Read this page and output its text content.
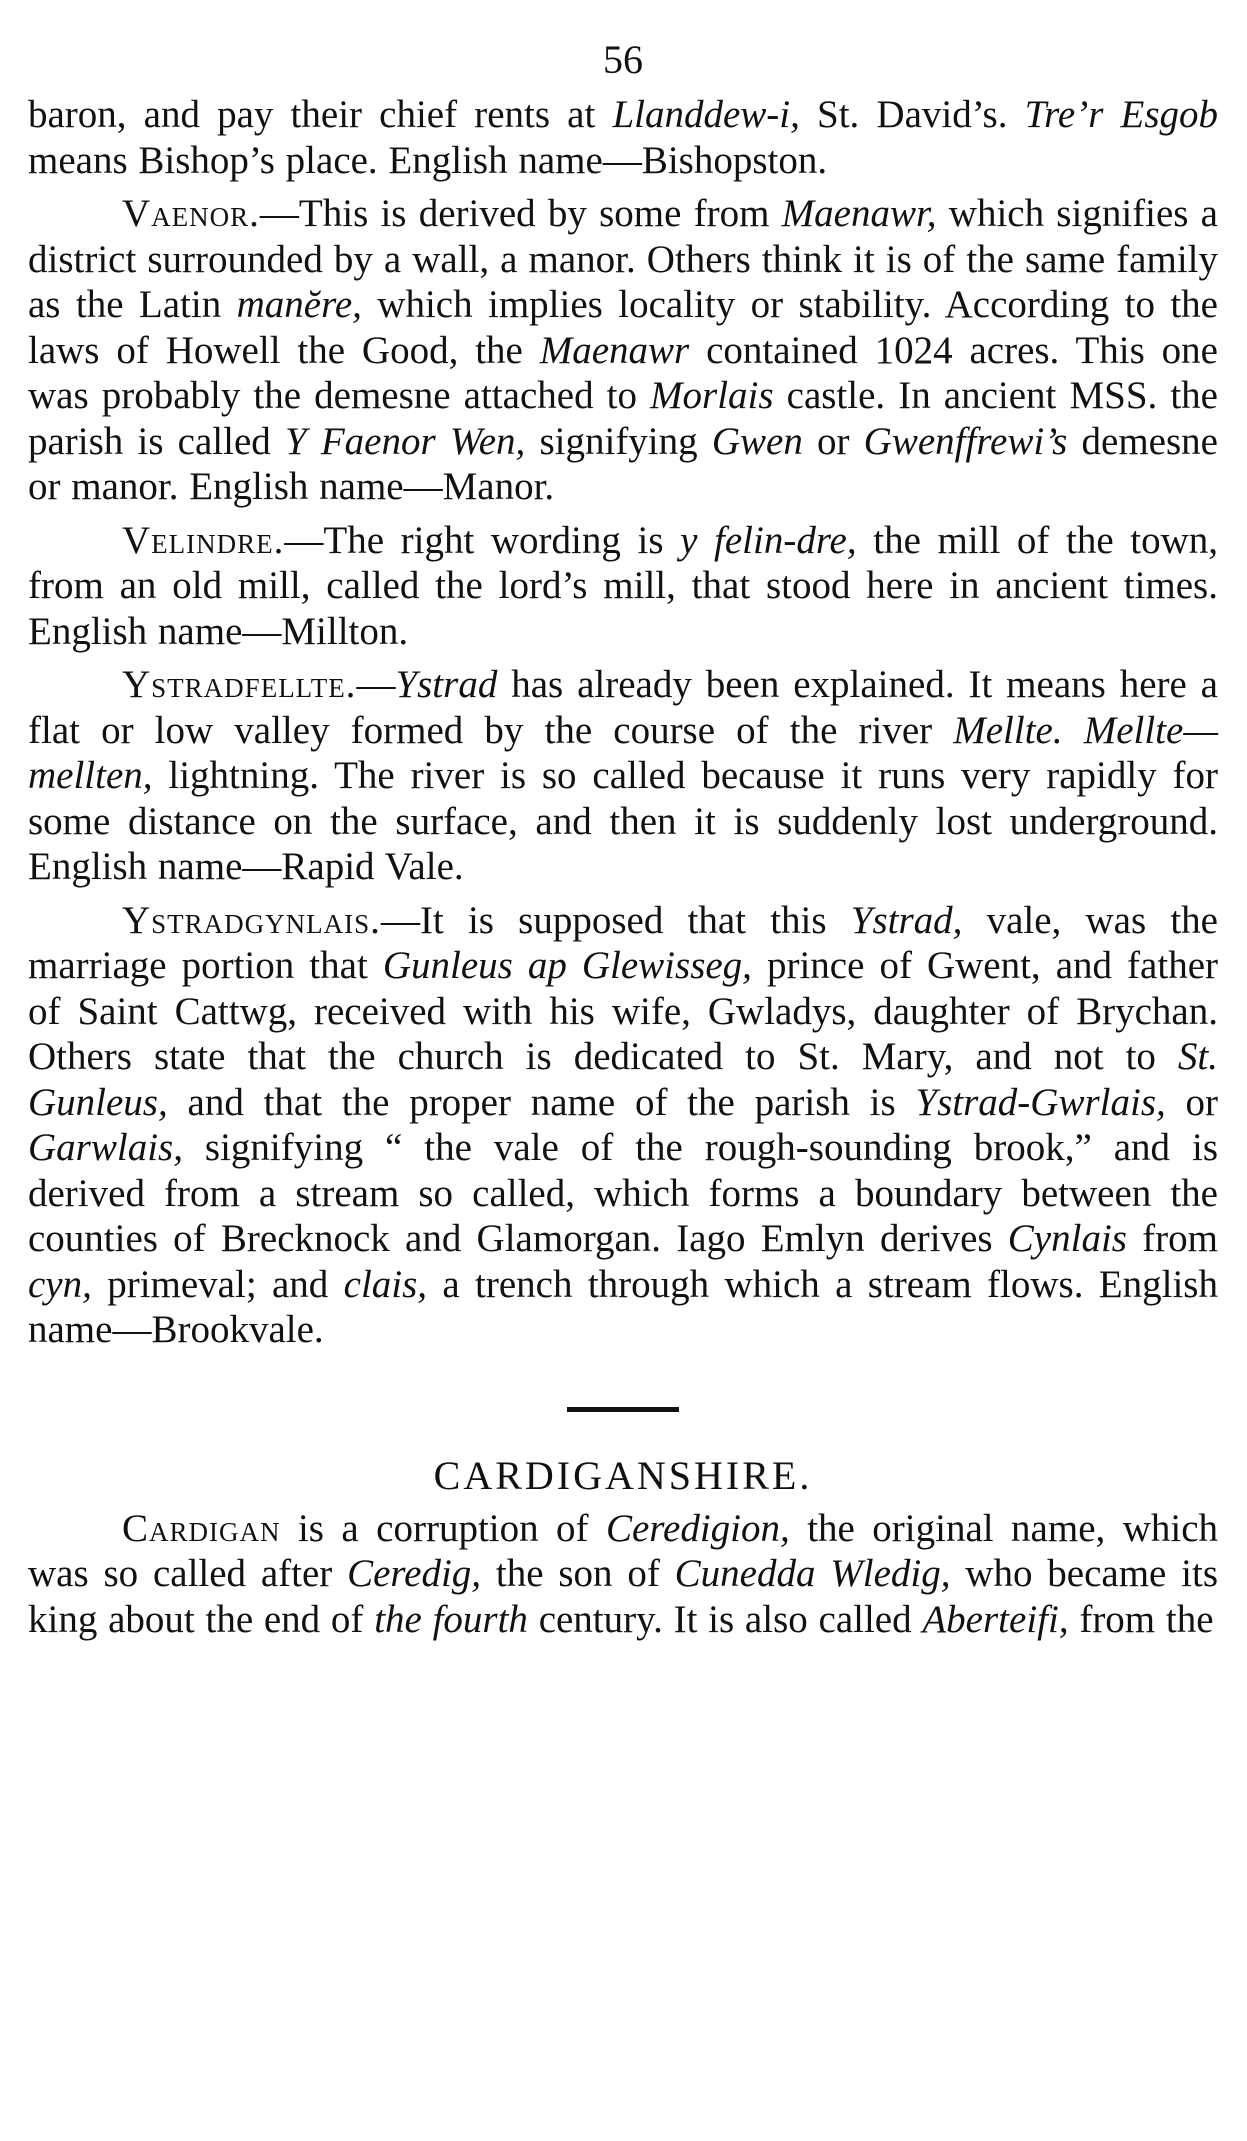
56

baron, and pay their chief rents at Llanddew-i, St. David’s. Tre’r Esgob means Bishop’s place. English name—Bishopston.

Vaenor.—This is derived by some from Maenawr, which signifies a district surrounded by a wall, a manor. Others think it is of the same family as the Latin manĕre, which implies locality or stability. According to the laws of Howell the Good, the Maenawr contained 1024 acres. This one was probably the demesne attached to Morlais castle. In ancient MSS. the parish is called Y Faenor Wen, signifying Gwen or Gwenffrewi’s demesne or manor. English name—Manor.

Velindre.—The right wording is y felin-dre, the mill of the town, from an old mill, called the lord’s mill, that stood here in ancient times. English name—Millton.

Ystradfellte.—Ystrad has already been explained. It means here a flat or low valley formed by the course of the river Mellte. Mellte—mellten, lightning. The river is so called because it runs very rapidly for some distance on the surface, and then it is suddenly lost underground. English name—Rapid Vale.

Ystradgynlais.—It is supposed that this Ystrad, vale, was the marriage portion that Gunleus ap Glewisseg, prince of Gwent, and father of Saint Cattwg, received with his wife, Gwladys, daughter of Brychan. Others state that the church is dedicated to St. Mary, and not to St. Gunleus, and that the proper name of the parish is Ystrad-Gwrlais, or Garwlais, signifying “ the vale of the rough-sounding brook,” and is derived from a stream so called, which forms a boundary between the counties of Brecknock and Glamorgan. Iago Emlyn derives Cynlais from cyn, primeval; and clais, a trench through which a stream flows. English name—Brookvale.

CARDIGANSHIRE.

Cardigan is a corruption of Ceredigion, the original name, which was so called after Ceredig, the son of Cunedda Wledig, who became its king about the end of the fourth century. It is also called Aberteifi, from the
